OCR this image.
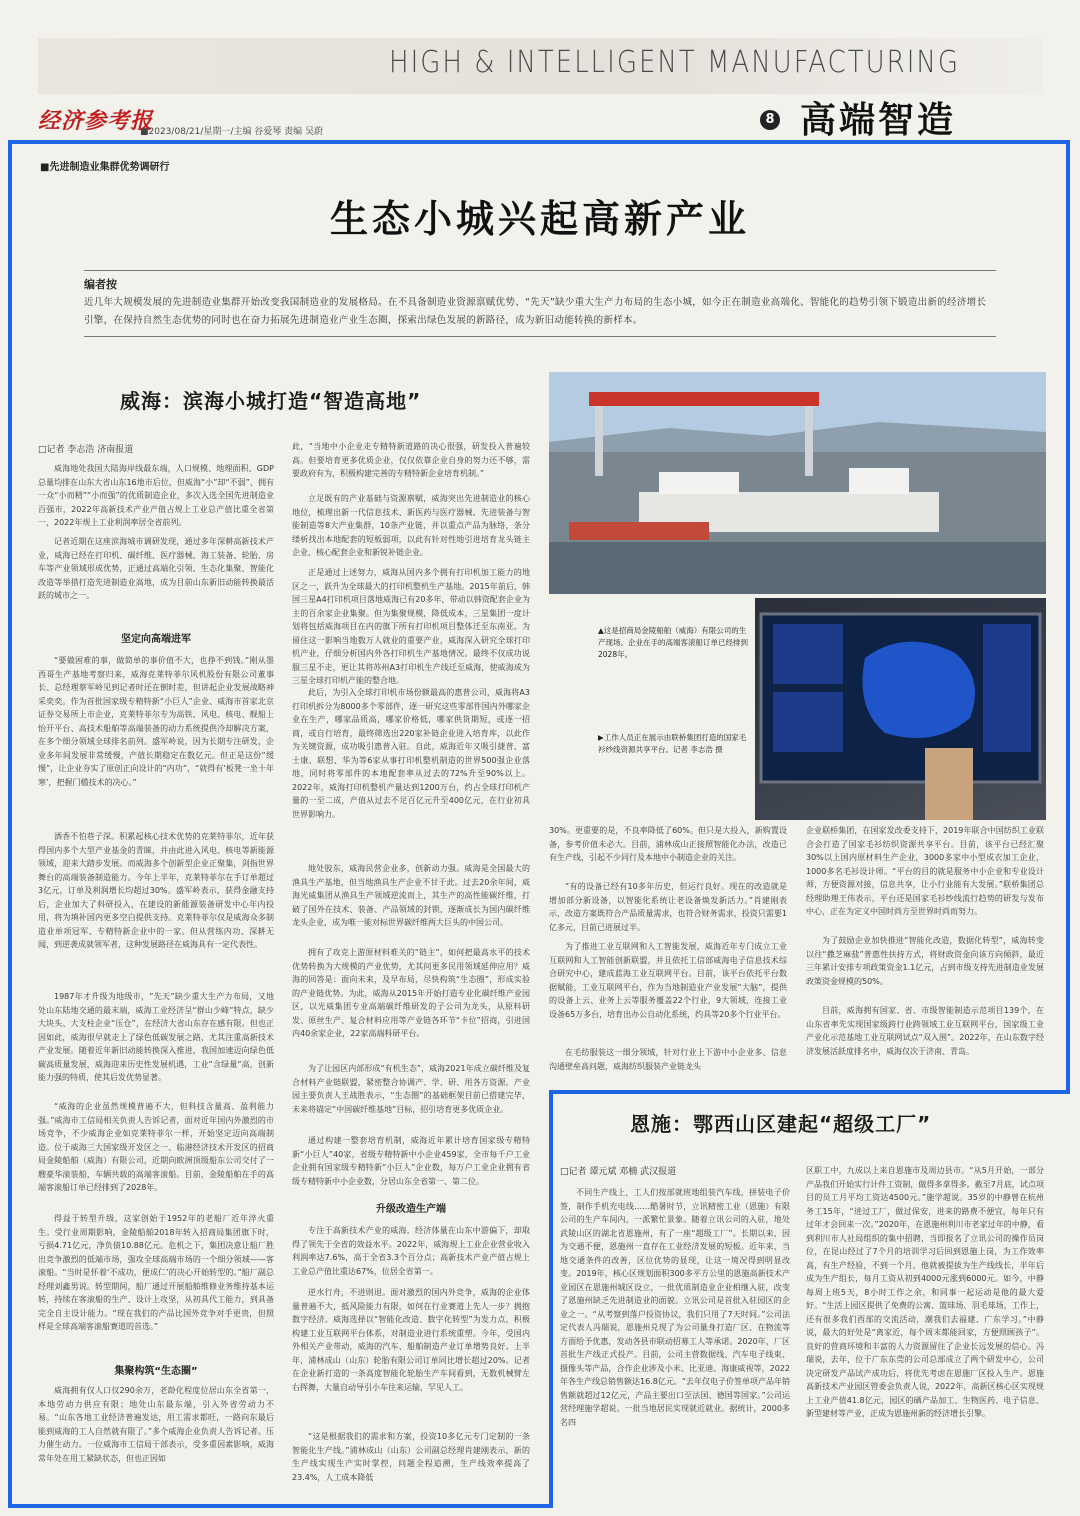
HIGH & INTELLIGENT MANUFACTURING
经济参考报
■2023/08/21/星期一/主编 谷爱琴 责编 吴蔚
8 高端智造
■先进制造业集群优势调研行
生态小城兴起高新产业
编者按
近几年大规模发展的先进制造业集群开始改变我国制造业的发展格局。在不具备制造业资源禀赋优势、“先天”缺少重大生产力布局的生态小城，如今正在制造业高端化、智能化的趋势引领下锻造出新的经济增长引擎，在保持自然生态优势的同时也在奋力拓展先进制造业产业生态圈，探索出绿色发展的新路径，成为新旧动能转换的新样本。
威海：滨海小城打造“智造高地”
□记者 李志浩 济南报道
威海地处我国大陆海岸线最东端，人口规模、地理面积、GDP总量均排在山东大省山东16地市后位，但威海“小”却“不弱”，拥有一众“小而精”“小而强”的优质制造企业，多次入选全国先进制造业百强市，2022年高新技术产业产值占规上工业总产值比重全省第一，2022年规上工业利润率居全省前列。
记者近期在这座滨海城市调研发现，通过多年深耕高新技术产业，威海已经在打印机、碳纤维、医疗器械、海工装备、轮胎、房车等产业领域形成优势，正通过高端化引领、生态化集聚、智能化改造等举措打造先进制造业高地，成为目前山东新旧动能转换最活跃的城市之一。
坚定向高端进军
“要做困难的事，做简单的事价值不大，也挣不到钱。”刚从墨西哥生产基地考察归来，威海克莱特菲尔风机股份有限公司董事长、总经理蔡军岭见到记者时还在倒时差，但讲起企业发展战略神采奕奕。作为首批国家级专精特新“小巨人”企业、威海市首家北京证券交易所上市企业，克莱特菲尔专为高铁、风电、核电、舰船上怡开平台、高技术船舶等高端装备的动力系统提供冷却解决方案，在多个细分领域全球排名前列。盛军岭说，因为长期专注研发，企业多年间发展非常缓慢，产值长期稳定在数亿元。但正是这份“缓慢”，让企业夯实了原创正向设计的“内功”，“就得有‘板凳一坐十年寒’，把握门槛技术的决心。”
酒香不怕巷子深。积累起核心技术优势的克莱特菲尔，近年获得国内多个大型产业基金的青睐，并由此进入风电、核电等新能源领域，迎来大踏步发展。而威海多个创新型企业正聚集，剑指世界舞台的高端装备制造能力。今年上半年，克莱特菲尔在手订单超过3亿元，订单及利润增长均超过30%。盛军岭表示，获得金融支持后，企业加大了科研投入，在建设的新能源装备研发中心年内投用，将为填补国内更多空白提供支持。克莱特菲尔仅是威海众多制造业单项冠军、专精特新企业中的一家。但从营练内功、深耕无闻，到逆袭成就领军者，这种发展路径在威海具有一定代表性。
1987年才升级为地级市，“先天”缺少重大生产力布局，又地处山东陆地交通的最末端，威海工业经济呈“群山少峰”特点，缺少大块头、大支柱企业“压仓”，在经济大省山东存在感有限。但也正因如此，威海很早就走上了绿色低碳发展之路，尤其注重高新技术产业发展。随着近年新旧动能转换深入推进，我国加速迈向绿色低碳高质量发展，威海迎来历史性发展机遇，工业“含绿量”高，创新能力强的特质，使其后发优势显著。
“威海的企业虽然规模普遍不大，但科技含量高、盈利能力强。”威海市工信局相关负责人告诉记者，面对近年国内外激烈的市场竞争，不少威海企业如克莱特菲尔一样，开始坚定迈向高端制造。位于威海三大国家级开发区之一、临港经济技术开发区的招商局金陵船舶（威海）有限公司，近期向欧洲顶级船东公司交付了一艘豪华滚装船，车辆共载的高端客滚船。目前，金陵船舶在手的高端客滚船订单已经排到了2028年。
得益于转型升级，这家创始于1952年的老船厂近年淬火重生。受行业周期影响，金陵船舶2018年转入招商局集团旗下时，亏损4.71亿元，净负债10.88亿元。危机之下，集团决意让船厂胜出竞争激烈的低端市场，强攻全球高端市场的一个细分领域——客滚船。“当时是怀着‘不成功，便成仁’的决心开始转型的。”船厂副总经理刘鑫男说。转型期间，船厂通过开展船舶维修业务维持基本运转，持续在客滚船的生产、设计上攻坚，从初具代工能力，到具备完全自主设计能力。“现在我们的产品比国外竞争对手更贵，但照样是全球高端客滚船赛道的首选。”
集聚构筑“生态圈”
威海拥有仅人口仅290余万，老龄化程度位居山东全省第一，本地劳动力供应有限；地处山东最东端，引入外省劳动力不易。“山东各地工业经济普遍发达，用工需求都旺，一路向东最后能到威海的工人自然就有限了。”多个威海企业负责人告诉记者。压力催生动力。一位威海市工信局干部表示，受多重因素影响，威海常年处在用工紧缺状态，但也正因如
此，“当地中小企业走专精特新道路的决心很强，研发投入普遍较高。但要培育更多优质企业，仅仅依靠企业自身的努力还不够，需要政府有为，积极构建完善的专精特新企业培育机制。”
立足既有的产业基础与资源禀赋，威海突出先进制造业的核心地位，梳理出新一代信息技术、新医药与医疗器械、先进装备与智能制造等8大产业集群，10条产业链，并以重点产品为脉络，条分缕析找出本地配套的短板弱项，以此有针对性地引进培育龙头链主企业、核心配套企业和新锐补链企业。
正是通过上述努力，威海从国内多个拥有打印机加工能力的地区之一，跃升为全球最大的打印机整机生产基地。2015年前后，韩国三星A4打印机项目落地威海已有20多年，带动以韩资配套企业为主的百余家企业集聚。但为集聚规模，降低成本，三星集团一度计划将包括威海项目在内的旗下所有打印机项目整体迁至东南亚。为留住这一影响当地数万人就业的重要产业，威海深入研究全球打印机产业，仔细分析国内外各打印机生产基地情况。最终不仅成功说服三星不走，更让其将苏州A3打印机生产线迁至威海，使威海成为三星全球打印机产能的整合地。
此后，为引入全球打印机市场份额最高的惠普公司，威海将A3打印机拆分为8000多个零部件，逐一研究这些零部件国内外哪家企业在生产，哪家品质高，哪家价格低，哪家供货期短，或逐一招商，或自行培育，最终筛选出220家补链企业进入培育库，以此作为关键资源，成功吸引惠普入驻。自此，威海近年又吸引捷普、富士康、联想、华为等6家从事打印机整机制造的世界500强企业落地，同时将零部件的本地配套率从过去的72%升至90%以上。2022年，威海打印机整机产量达到1200万台，约占全球打印机产量的一至二成，产值从过去不足百亿元升至400亿元，在行业初具世界影响力。
地处胶东，威海民营企业多，创新动力强。威海是全国最大的渔具生产基地，但当地渔具生产企业不甘于此。过去20余年间，威海光威集团从渔具生产领域逆流而上，其生产的高性能碳纤维，打破了国外在技术、装备、产品领域的封锁，逐渐成长为国内碳纤维龙头企业，成为唯一能对标世界碳纤维两大巨头的中国公司。
拥有了攻克上游原材料难关的“链主”，如何把最高水平的技术优势转换为大规模的产业优势，尤其问更多民用领域延伸应用？威海的回答是：面向未来，及早布局，尽快构筑“生态圈”，形成实验的产业链优势。为此，威海从2015年开始打造专业化碳纤维产业园区，以光威集团专业高端碳纤维研发的子公司为龙头，从原料研发、原丝生产、复合材料应用等产业链各环节“卡位”招商，引进国内40余家企业，22家高端科研平台。
为了让园区内部形成“有机生态”，威海2021年成立碳纤维及复合材料产业链联盟，紧密整合协调产、学、研、用各方资源。产业园主要负责人王战胜表示，“生态圈”的基础框架目前已搭建完毕，未来将锚定“中国碳纤维基地”目标，招引培育更多优质企业。
通过构建一整套培育机制，威海近年累计培育国家级专精特新“小巨人”40家，省级专精特新中小企业459家，全市每千户工业企业拥有国家级专精特新“小巨人”企业数，每万户工业企业拥有省级专精特新中小企业数，分居山东全省第一、第二位。
升级改造生产端
专注于高新技术产业的威海，经济体量在山东中游偏下，却取得了领先于全省的效益水平。2022年，威海规上工业企业营业收入利润率达7.6%，高于全省3.3个百分点；高新技术产业产值占规上工业总产值比重达67%，位居全省第一。
逆水行舟，不进则退。面对激烈的国内外竞争，威海的企业体量普遍不大，抵风险能力有限，如何在行业赛道上先人一步？拥抱数字经济。威海选择以“智能化改造、数字化转型”为发力点，积极构建工业互联网平台体系，对制造业进行系统重塑。今年，受国内外相关产业带动，威海的汽车、船舶制造产业订单增势良好。上半年，浦林成山（山东）轮胎有限公司订单同比增长超过20%。记者在企业新打造的一条高度智能化轮胎生产车间看到，无数机械臂左右挥舞，大量自动导引小车往来运输，罕见人工。
“这是根据我们的需求和方案，投资10多亿元专门定制的一条智能化生产线。”浦林成山（山东）公司副总经理肖建刚表示，新的生产线实现生产实时掌控，问题全程追溯，生产线效率提高了23.4%，人工成本降低
▲这是招商局金陵船舶（威海）有限公司的生产现场。企业在手的高端客滚船订单已经排到2028年。
▶工作人员正在展示由联桥集团打造的国家毛衫纱线资源共享平台。记者 李志浩 摄
30%。更重要的是，不良率降低了60%。但只是大投入，新购置设备，参考价值未必大。目前，浦林成山正接照智能化办法，改造已有生产线，引起不少同行及本地中小制造企业的关注。
“有的设备已经有10多年历史，但运行良好。现在的改造就是增加部分新设备，以智能化系统让老设备焕发新活力。”肖建刚表示，改造方案既符合产品质量需求，也符合财务需求，投资只需要1亿多元，目前已进展过半。
为了推进工业互联网和人工智能发展，威海近年专门成立工业互联网和人工智能创新联盟，并且依托工信部威海电子信息技术综合研究中心，建成蓝海工业互联网平台。目前，该平台依托平台数据赋能，工业互联网平台，作为当地制造业产业发展“大脑”，提供的设备上云、业务上云等服务覆盖22个行业，9大领域，连接工业设备65万多台，培育出办公自动化系统，约具等20多个行业平台。
在毛纺服装这一细分领域，针对行业上下游中小企业多、信息沟通壁垒高问题，威海纺织服装产业链龙头
企业联桥集团，在国家发改委支持下，2019年联合中国纺织工业联合会打造了国家毛衫纺织资源共享平台。目前，该平台已经汇聚30%以上国内原材料生产企业，3000多家中小型成衣加工企业，1000多名毛衫设计师。“平台的目的就是服务中小企业和专业设计师，方便资源对接，信息共享，让小行业能有大发展。”联桥集团总经理助理王伟表示，平台还是国家毛衫纱线流行趋势的研发与发布中心，正在为定义中国时尚方至世界时尚而努力。
为了鼓励企业加快推进“智能化改造，数据化转型”，威海转变以往“撒芝麻盐”普惠性扶持方式，将财政资金向该方向倾斜，最近三年累计安排专项政策资金1.1亿元，占到市级支持先进制造业发展政策资金规模的50%。
目前，威海拥有国家、省、市级智能制造示范项目139个，在山东省率先实现国家级跨行业跨领域工业互联网平台，国家级工业产业化示范基地工业互联网试点“双入围”。2022年，在山东数字经济发展活跃度排名中，威海仅次于济南、青岛。
恩施：鄂西山区建起“超级工厂”
□记者 谭元斌 邓楠 武汉报道
不同生产线上，工人们按部就班地组装汽车线，拼装电子价签，制作手机充电线……酷暑时节，立讯精密工业（恩施）有限公司的生产车间内，一派繁忙景象。随着立讯公司的入驻，地处武陵山区的湖北省恩施州，有了一座“超级工厂”。长期以来，因为交通不便，恩施州一直存在工业经济发展的短板。近年来，当地交通条件的改善，区位优势的显现，让这一境况得到明显改变。2019年，核心区规划面积300多平方公里的恩施高新技术产业园区在恩施州城区设立，一批优质制造业企业相继入驻，改变了恩施州缺乏先进制造业的面貌。立讯公司是首批入驻园区的企业之一。“从考察到落户投资协议，我们只用了7天时间。”公司法定代表人冯瑞说，恩施州兑现了为公司量身打造厂区、在物流等方面给予优惠，发动各县市联动招募工人等承诺。2020年，厂区首批生产线正式投产。目前，公司主营数据线、汽车电子线束、摄像头等产品，合作企业涉及小米、比亚迪、海康威视等，2022年各生产线总销售额达16.8亿元。“去年仅电子价签单项产品年销售额就超过12亿元，产品主要出口至法国、德国等国家。”公司运营经理施学超说。一批当地居民实现就近就业。据统计，2000多名四
区职工中，九成以上来自恩施市及周边县市。“从5月开始，一部分产品我们开始实行计件工资制，做得多拿得多。截至7月底，试点项目的员工月平均工资达4500元。”施学超说。35岁的中静曾在杭州务工15年，“进过工厂，做过保安，进来的路费不便宜，每年只有过年才会回来一次。”2020年，在恩施州利川市老家过年的中静，看到利川市人社局组织的集中招聘，当即报名了立讯公司的操作员岗位，在昆山经过了7个月的培训学习后回到恩施上岗，为工作效率高，有生产经验，不到一个月，他就被提拔为生产线线长，半年后成为生产组长，每月工资从初到4000元涨到6000元。如今，中静每周上班5天，8小时工作之余，和同事一起运动是他的最大爱好。“生活上园区提供了免费的公寓、篮球场、羽毛球场，工作上，还有很多我们西部的交流活动，潮我们去福建、广东学习。”中静说，最大的好处是“离家近，每个周末都能回家，方便照顾孩子”。良好的营商环境和丰富的人力资源留住了企业长远发展的信心。冯瑞说，去年，位于广东东莞的公司总部成立了两个研发中心，公司决定研发产品试产成功后，将优先考虑在恩施厂区投入生产。恩施高新技术产业园区管委会负责人说，2022年，高新区核心区实现规上工业产值41.8亿元，园区的硒产品加工、生物医药、电子信息、新型建材等产业，正成为恩施州新的经济增长引擎。
